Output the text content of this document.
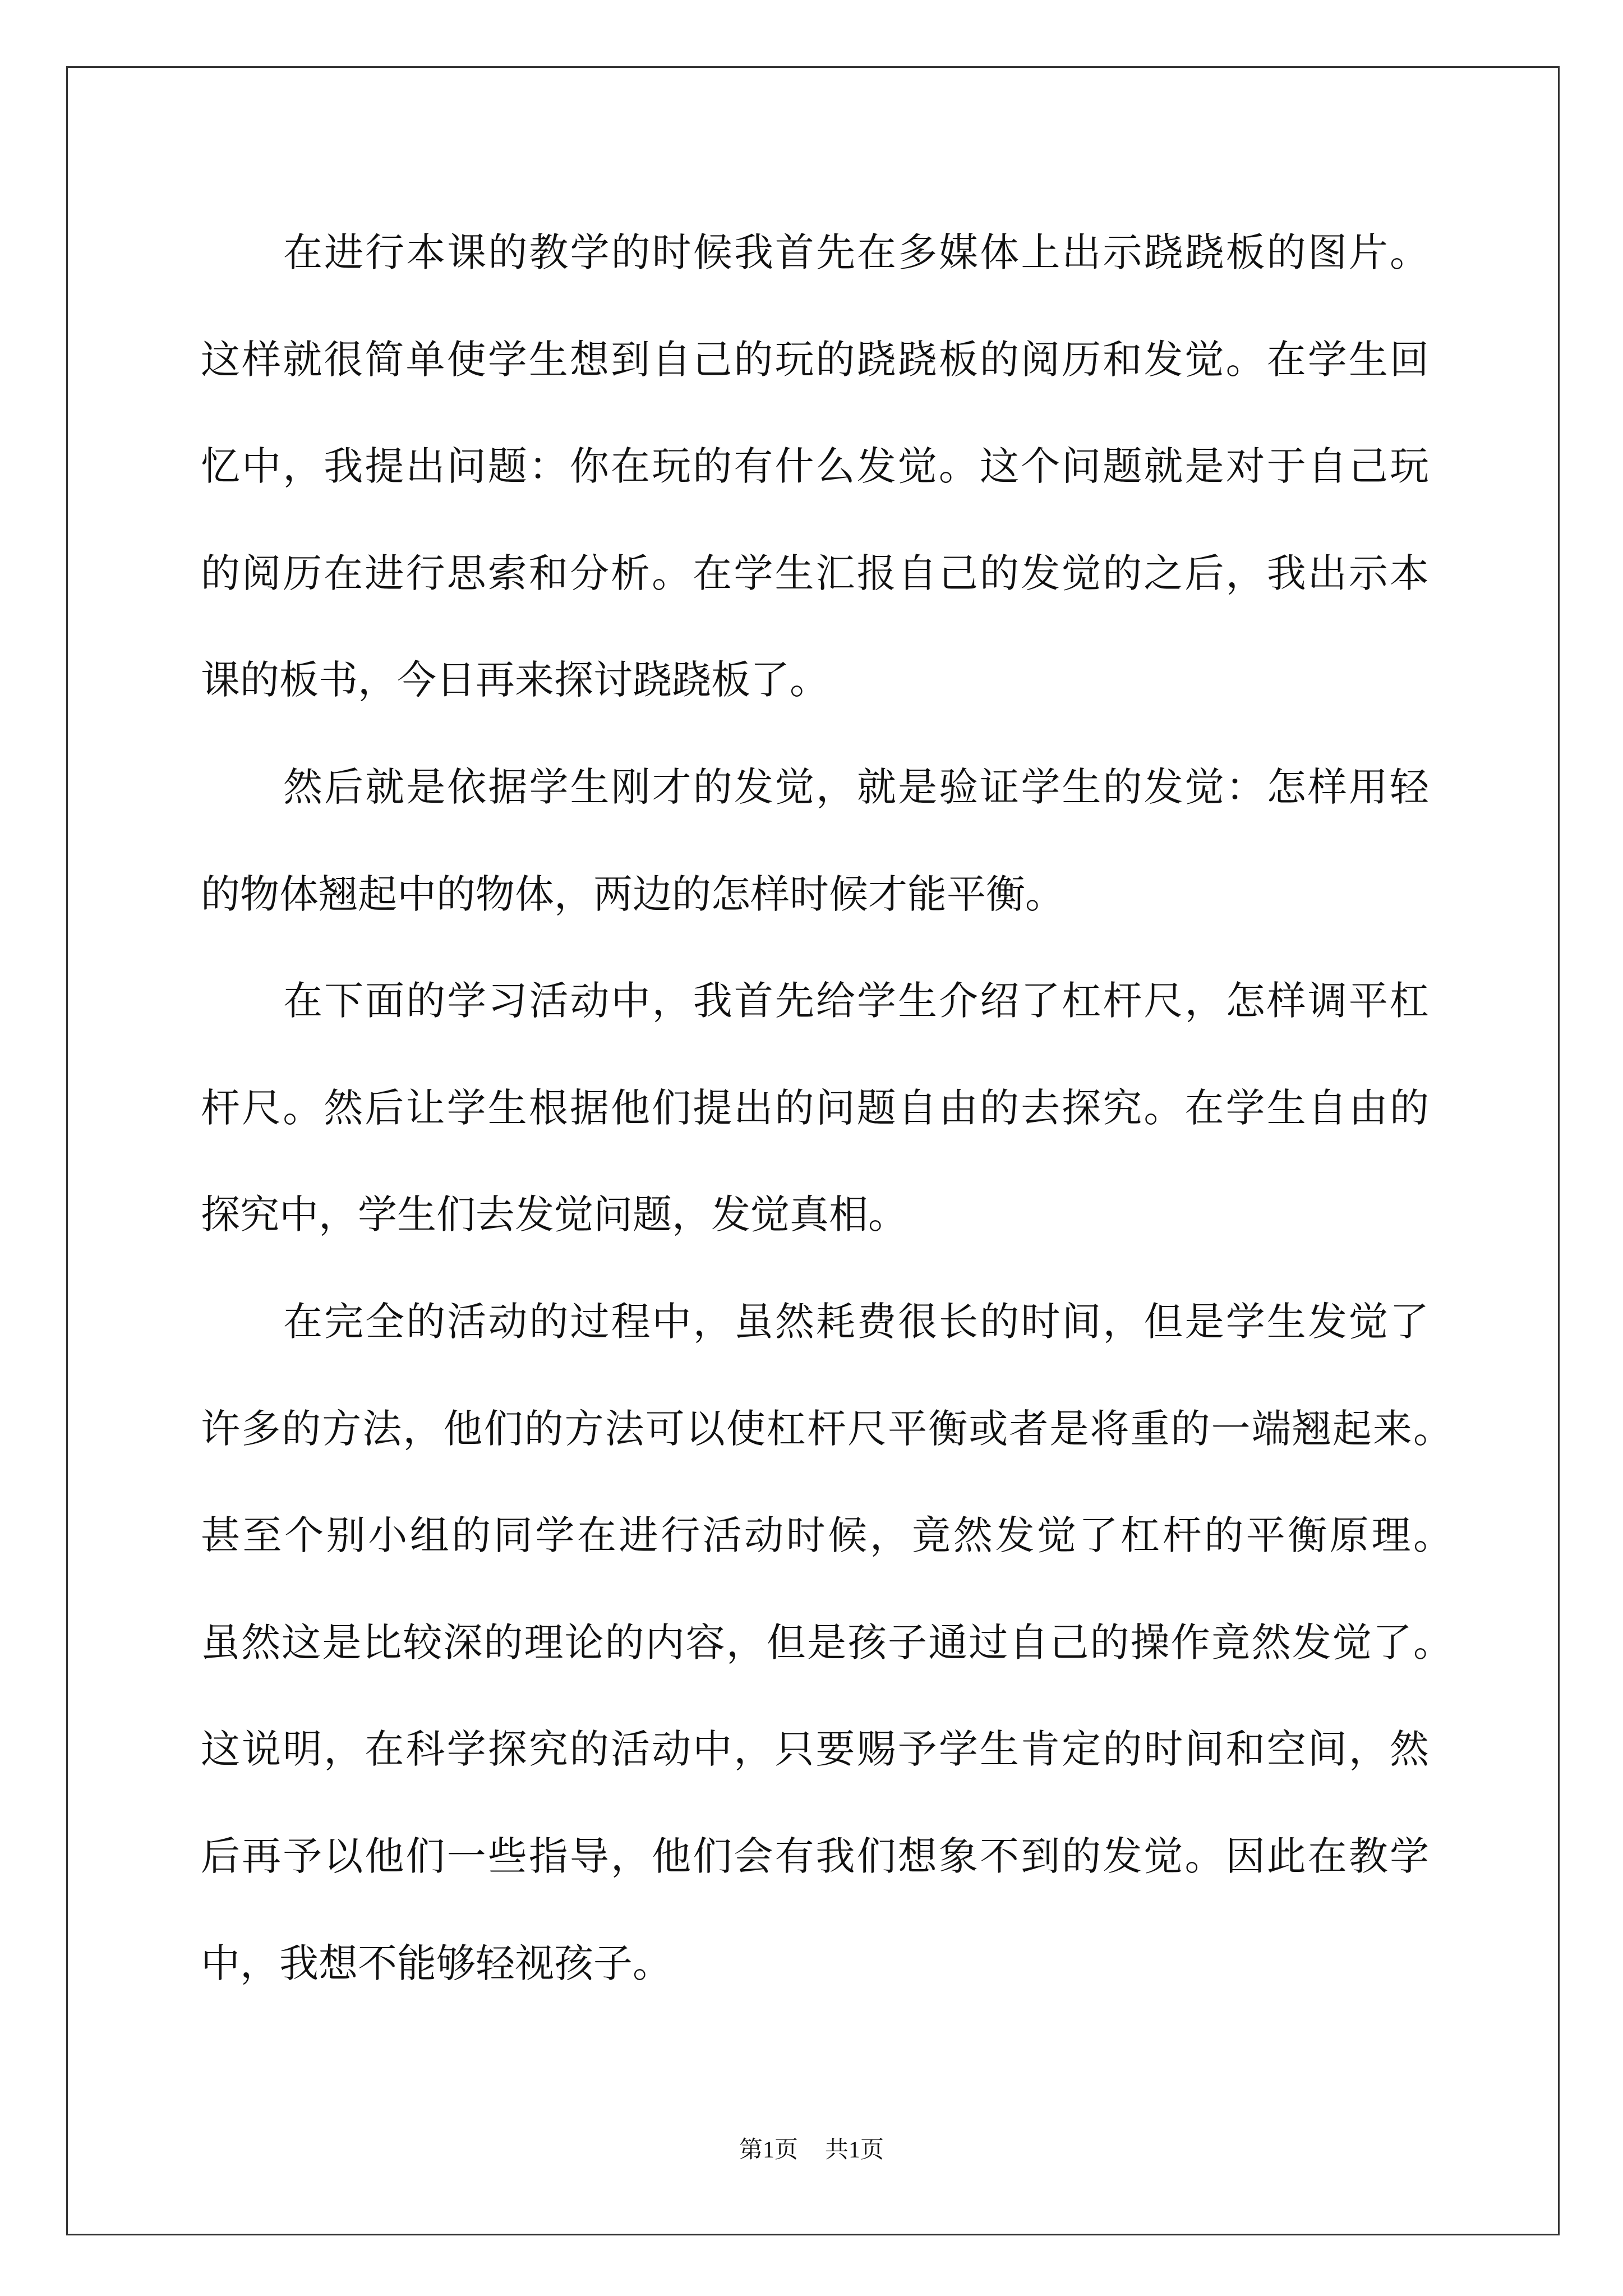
在进行本课的教学的时候我首先在多媒体上出示跷跷板的图片。
这样就很简单使学生想到自己的玩的跷跷板的阅历和发觉。在学生回
忆中，我提出问题：你在玩的有什么发觉。这个问题就是对于自己玩
的阅历在进行思索和分析。在学生汇报自己的发觉的之后，我出示本
课的板书，今日再来探讨跷跷板了。
然后就是依据学生刚才的发觉，就是验证学生的发觉：怎样用轻
的物体翘起中的物体，两边的怎样时候才能平衡。
在下面的学习活动中，我首先给学生介绍了杠杆尺，怎样调平杠
杆尺。然后让学生根据他们提出的问题自由的去探究。在学生自由的
探究中，学生们去发觉问题，发觉真相。
在完全的活动的过程中，虽然耗费很长的时间，但是学生发觉了
许多的方法，他们的方法可以使杠杆尺平衡或者是将重的一端翘起来。
甚至个别小组的同学在进行活动时候，竟然发觉了杠杆的平衡原理。
虽然这是比较深的理论的内容，但是孩子通过自己的操作竟然发觉了。
这说明，在科学探究的活动中，只要赐予学生肯定的时间和空间，然
后再予以他们一些指导，他们会有我们想象不到的发觉。因此在教学
中，我想不能够轻视孩子。
第1页 共1页
